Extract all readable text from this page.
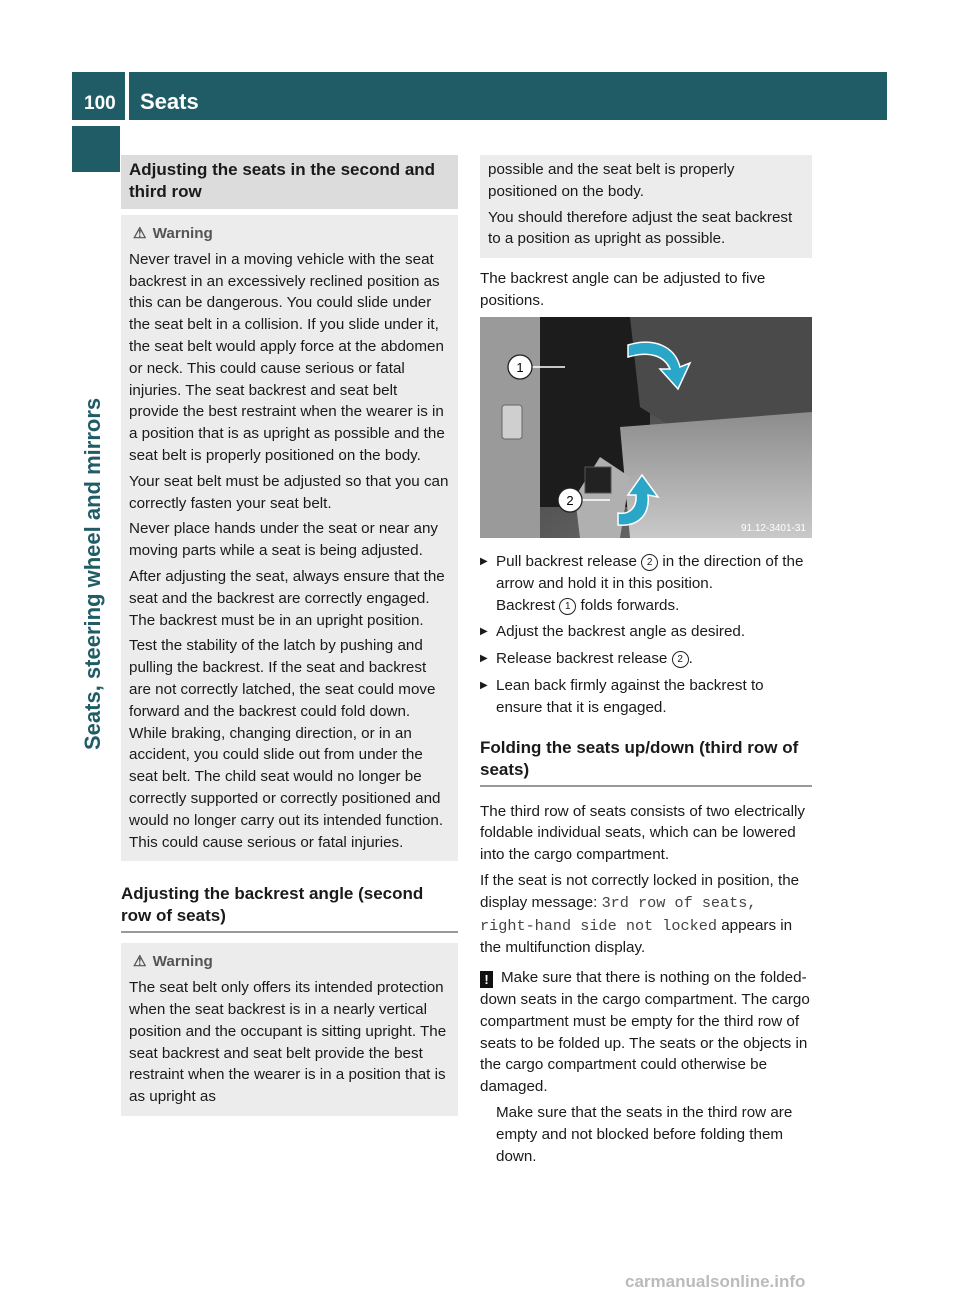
100 Seats
Seats, steering wheel and mirrors
Adjusting the seats in the second and third row
⚠ Warning

Never travel in a moving vehicle with the seat backrest in an excessively reclined position as this can be dangerous. You could slide under the seat belt in a collision. If you slide under it, the seat belt would apply force at the abdomen or neck. This could cause serious or fatal injuries. The seat backrest and seat belt provide the best restraint when the wearer is in a position that is as upright as possible and the seat belt is properly positioned on the body.

Your seat belt must be adjusted so that you can correctly fasten your seat belt.

Never place hands under the seat or near any moving parts while a seat is being adjusted.

After adjusting the seat, always ensure that the seat and the backrest are correctly engaged. The backrest must be in an upright position.

Test the stability of the latch by pushing and pulling the backrest. If the seat and backrest are not correctly latched, the seat could move forward and the backrest could fold down. While braking, changing direction, or in an accident, you could slide out from under the seat belt. The child seat would no longer be correctly supported or correctly positioned and would no longer carry out its intended function. This could cause serious or fatal injuries.

Adjusting the backrest angle (second row of seats)
⚠ Warning

The seat belt only offers its intended protection when the seat backrest is in a nearly vertical position and the occupant is sitting upright. The seat backrest and seat belt provide the best restraint when the wearer is in a position that is as upright as

possible and the seat belt is properly positioned on the body.

You should therefore adjust the seat backrest to a position as upright as possible.

The backrest angle can be adjusted to five positions.

1
2
91.12-3401-31
▶ Pull backrest release 2 in the direction of the arrow and hold it in this position.
Backrest 1 folds forwards.
▶ Adjust the backrest angle as desired.
▶ Release backrest release 2 .
▶ Lean back firmly against the backrest to ensure that it is engaged.
Folding the seats up/down (third row of seats)

The third row of seats consists of two electrically foldable individual seats, which can be lowered into the cargo compartment.

If the seat is not correctly locked in position, the display message: 3rd row of seats, right-hand side not locked appears in the multifunction display.

! Make sure that there is nothing on the folded-down seats in the cargo compartment. The cargo compartment must be empty for the third row of seats to be folded up. The seats or the objects in the cargo compartment could otherwise be damaged.

Make sure that the seats in the third row are empty and not blocked before folding them down.

carmanualsonline.info
